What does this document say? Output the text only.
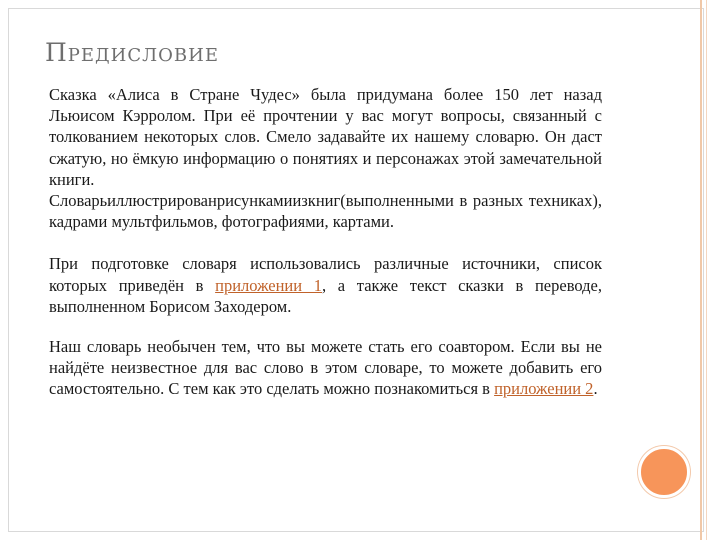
Предисловие

Сказка «Алиса в Стране Чудес» была придумана более 150 лет назад Льюисом Кэрролом. При её прочтении у вас могут вопросы, связанный с толкованием некоторых слов. Смело задавайте их нашему словарю. Он даст сжатую, но ёмкую информацию о понятиях и персонажах этой замечательной книги.

Словарьиллюстрированрисункамиизкниг(выполненными в разных техниках), кадрами мультфильмов, фотографиями, картами.

При подготовке словаря использовались различные источники, список которых приведён в приложении 1, а также текст сказки в переводе, выполненном Борисом Заходером.

Наш словарь необычен тем, что вы можете стать его соавтором. Если вы не найдёте неизвестное для вас слово в этом словаре, то можете добавить его самостоятельно. С тем как это сделать можно познакомиться в приложении 2.
